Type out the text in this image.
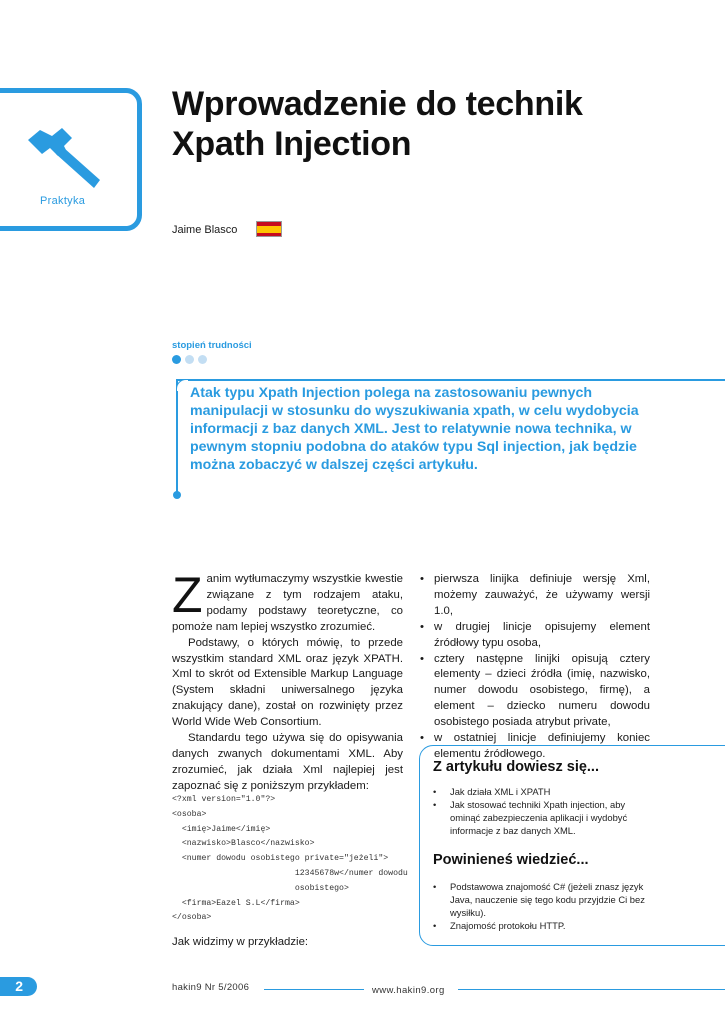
Praktyka
Wprowadzenie do technik
Xpath Injection
Jaime Blasco
stopień trudności

Atak typu Xpath Injection polega na zastosowaniu pewnych manipulacji w stosunku do wyszukiwania xpath, w celu wydobycia informacji z baz danych XML. Jest to relatywnie nowa technika, w pewnym stopniu podobna do ataków typu Sql injection, jak będzie można zobaczyć w dalszej części artykułu.

Zanim wytłumaczymy wszystkie kwestie związane z tym rodzajem ataku, podamy podstawy teoretyczne, co pomoże nam lepiej wszystko zrozumieć.

Podstawy, o których mówię, to przede wszystkim standard XML oraz język XPATH. Xml to skrót od Extensible Markup Language (System składni uniwersalnego języka znakujący dane), został on rozwinięty przez World Wide Web Consortium.

Standardu tego używa się do opisywania danych zwanych dokumentami XML. Aby zrozumieć, jak działa Xml najlepiej jest zapoznać się z poniższym przykładem:

<?xml version="1.0"?>
<osoba>
<imię>Jaime</imię>
<nazwisko>Blasco</nazwisko>
<numer dowodu osobistego private="jeżeli">
12345678w</numer dowodu
osobistego>
<firma>Eazel S.L</firma>
</osoba>
Jak widzimy w przykładzie:
• pierwsza linijka definiuje wersję Xml, możemy zauważyć, że używamy wersji 1.0,
• w drugiej linicje opisujemy element źródłowy typu osoba,
• cztery następne linijki opisują cztery elementy – dzieci źródła (imię, nazwisko, numer dowodu osobistego, firmę), a element – dziecko numeru dowodu osobistego posiada atrybut private,
• w ostatniej linicje definiujemy koniec elementu źródłowego.
Z artykułu dowiesz się...
• Jak działa XML i XPATH
• Jak stosować techniki Xpath injection, aby ominąć zabezpieczenia aplikacji i wydobyć informacje z baz danych XML.
Powinieneś wiedzieć...
• Podstawowa znajomość C# (jeżeli znasz język Java, nauczenie się tego kodu przyjdzie Ci bez wysiłku).
• Znajomość protokołu HTTP.
2	hakin9 Nr 5/2006	www.hakin9.org
